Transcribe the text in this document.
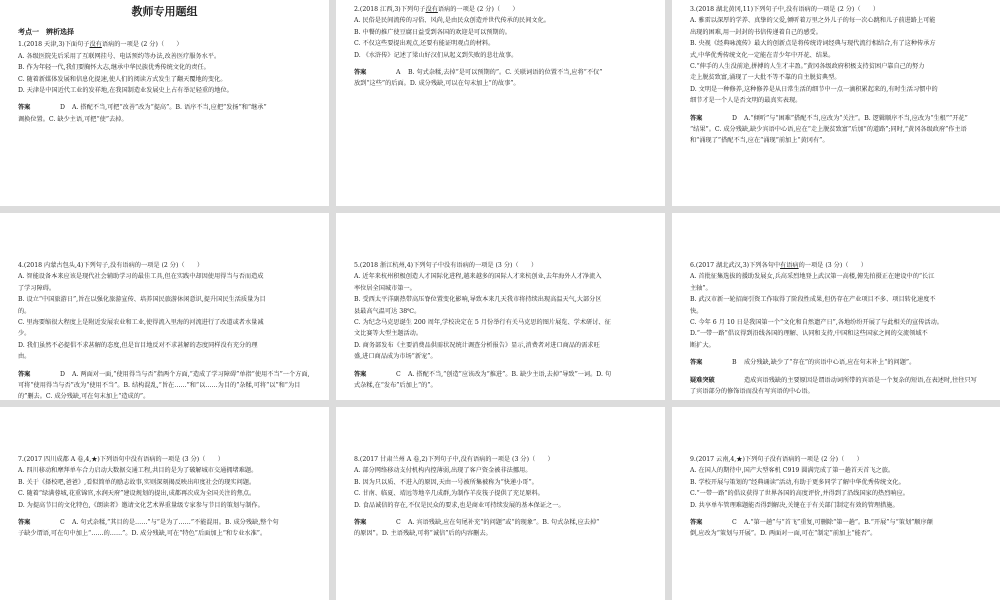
教师专用题组
考点一　辨析选择
1.(2018 天津,3)下面句子没有语病的一项是 (2 分)（　　）
A. 各级医院先后采用了互联网挂号、电话预约等办法,改善医疗服务水平。
B. 作为年轻一代,我们要胸怀大志,继承中华民族优秀传统文化的责任。
C. 随着新媒体发展和信息化提速,使人们的阅读方式发生了翻天覆地的变化。
D. 天津是中国近代工业的发祥地,在我国制造业发展史上占有举足轻重的地位。
答案	D A. 搭配不当,可把“改善”改为“提高”。B. 语序不当,应把“发扬”和“继承”
调换位置。C. 缺少主语,可把“使”去掉。
2.(2018 江西,3)下列句子没有语病的一项是 (2 分)（　　）
A. 民俗是民间流传的习俗、风尚,是由民众创造并世代传承的民间文化。
B. 中餐的推广使豆腐日益受到各国的欢迎是可以预期的。
C. 不仅这些要提出观点,还要有能证明观点的材料。
D. 《水浒传》记述了梁山好汉们从起义到失败的悲壮故事。
答案	A B. 句式杂糅,去掉“是可以预期的”。C. 关联词语的位置不当,应将“不仅”
放到“这些”的后面。D. 成分残缺,可以在句末加上“的故事”。
3.(2018 湖北黄冈,11)下列句子中,没有语病的一项是 (2 分)（　　）
A. 雅雷以深厚的学养、真挚的父爱,倾听着万里之外儿子的每一次心跳和儿子前进路上可能
出现的困难,用一封封的书信传递着自己的感受。
B. 央视《经典咏流传》最大的创新点是将传统诗词经典与现代流行相结合,有了这种传承方
式,中华优秀传统文化一定能在青少年中开花、结果。
C.“伸手的人生没前途,拼搏的人生才丰盈。”黄冈各级政府积极支持贫困户靠自己的努力
走上脱贫致富,涌现了一大批不等不靠的自主脱贫典型。
D. 文明是一种修养,这种修养是从日常生活的细节中一点一滴积累起来的,有时生活习惯中的
细节才是一个人是否文明的最真实表现。
答案	D A.“倾听”与“困难”搭配不当,应改为“关注”。B. 逻辑顺序不当,应改为“生根”“开花”
“结果”。C. 成分残缺,缺少宾语中心语,应在“走上脱贫致富”后加“的道路”;同时,“黄冈各级政府”作主语和“涌现了”搭配不当,应在“涌现”前加上“黄冈有”。
4.(2018 内蒙古包头,4)下列句子,没有语病的一项是 (2 分)（　　）
A. 智能设备本来应该是现代社会辅助学习的最佳工具,但在实践中却因使用得当与否而造成
了学习障碍。
B. 设立“中国旅游日”,旨在以强化旅游宣传、培养国民旅游休闲意识,提升国民生活质量为目
的。
C. 里海要缩很大程度上是附近发展农业和工业,使得流入里海的河流进行了改道或者水量减
少。
D. 我们虽然不必提倡不求甚解的态度,但是盲目地反对不求甚解的态度同样没有充分的理
由。
答案	D A. 两面对一面,“使用得当与否”指两个方面,“造成了学习障碍”单指“使用不当”一个方面,可将“使用得当与否”改为“使用不当”。B. 结构混乱,“旨在……”和“以……为目的”杂糅,可将“以”和“为目的”删去。C. 成分残缺,可在句末加上“造成的”。
5.(2018 浙江杭州,4)下列句子中没有语病的一项是 (3 分)（　　）
A. 近年来杭州积极创造人才国际化进程,越来越多的国际人才来杭创业,去年海外人才净流入
率位居全国城市第一。
B. 受西太平洋副热带高压脊位置变化影响,导致本来几天我市将持续出现高温天气,大部分区
县最高气温可达 38℃。
C. 为纪念马克思诞生 200 周年,学校决定在 5 月份举行有关马克思的图片展览、学术研讨、征
文比赛等大型主题活动。
D. 商务部发布《主要消费品供需状况统计调查分析报告》显示,消费者对进口商品的需求旺
盛,进口商品成为市场“新宠”。
答案	C A. 搭配不当,“创造”应该改为“推进”。B. 缺少主语,去掉“导致”一词。D. 句
式杂糅,在“发布”后加上“的”。
6.(2017 湖北武汉,3)下列各句中有语病的一项是 (3 分)（　　）
A. 首批征集选拔的援助发展女,兵高采烈地登上武汉第一高楼,俯先拍摄正在建设中的“长江
主轴”。
B. 武汉市新一轮招商引资工作取得了阶段性成果,但仍存在产业项目不多、项目转化速度不
快。
C. 今年 6 月 10 日是我国第一个“文化和自然遗产日”,各地纷纷开展了与此相关的宣传活动。
D.“一带一路”倡议得到沿线各国的理解、认同和支持,中国和这些国家之间的交流领域不
断扩大。
答案	B 成分残缺,缺少了“存在”的宾语中心语,应在句末补上“的问题”。
疑难突破	造成宾语残缺的主要原因是谓语动词所带的宾语是一个复杂的短语,在表述时,往往只写了宾语部分的修饰语而没有写宾语的中心语。
7.(2017 四川成都 A 卷,4,★)下列语句中没有语病的一项是 (3 分)（　　）
A. 四川移动和摩拜单车合力启动大数据交通工程,共目的是为了破解城市交通拥堵难题。
B. 关于《择校吧,爸爸》,看似简单的励志故事,实则深刻揭反映出印度社会的现实问题。
C. 随着“绿满蓉城,花重锦官,水润天府”建设规划的提出,成都再次成为全国关注的焦点。
D. 为提高节目的文化特色,《朗读者》邀请文化艺术界重量级专家参与节目的策划与制作。
答案	C A. 句式杂糅,“其目的是……”与“是为了……”不能混用。B. 成分残缺,整个句
子缺少谓语,可在句中加上“……的……”。D. 成分残缺,可在“特色”后面加上“和专业水准”。
8.(2017 甘肃兰州 A 卷,2)下列句子中,没有语病的一项是 (3 分)（　　）
A. 部分网络移动支付机构内控薄弱,出现了客户资金被非法挪用。
B. 因为只以质、不进入的原因,天由一号被所集被称为“快递小哥”。
C. 甘南、临夏、靖远等地辛几成群,为制作羊皮筏子提供了充足原料。
D. 食品诚信的存在,不仅是民众的要求,也是商业可持续发展的基本保证之一。
答案	C A. 宾语残缺,应在句尾补充“的问题”或“的现象”。B. 句式杂糅,应去掉“
的原因”。D. 主语残缺,可将“诚信”后的内容删去。
9.(2017 云南,4,★)下列句子没有语病的一项是 (2 分)（　　）
A. 在国人的期待中,国产大型客机 C919 圆满完成了第一趟首天首飞之旅。
B. 学校开展与策划的“经典诵读”活动,有助于更多同学了解中华优秀传统文化。
C.“一带一路”的倡议获得了世界各国的高度评价,并得到了沿线国家的热烈响应。
D. 共享单车管理难题能否得到解决,关键在于有关部门制定有效的管理措施。
答案	C A.“第一趟”与“首飞”重复,可删除“第一趟”。B.“开展”与“策划”顺序颠
倒,应改为“策划与开展”。D. 两面对一面,可在“制定”前加上“能否”。
